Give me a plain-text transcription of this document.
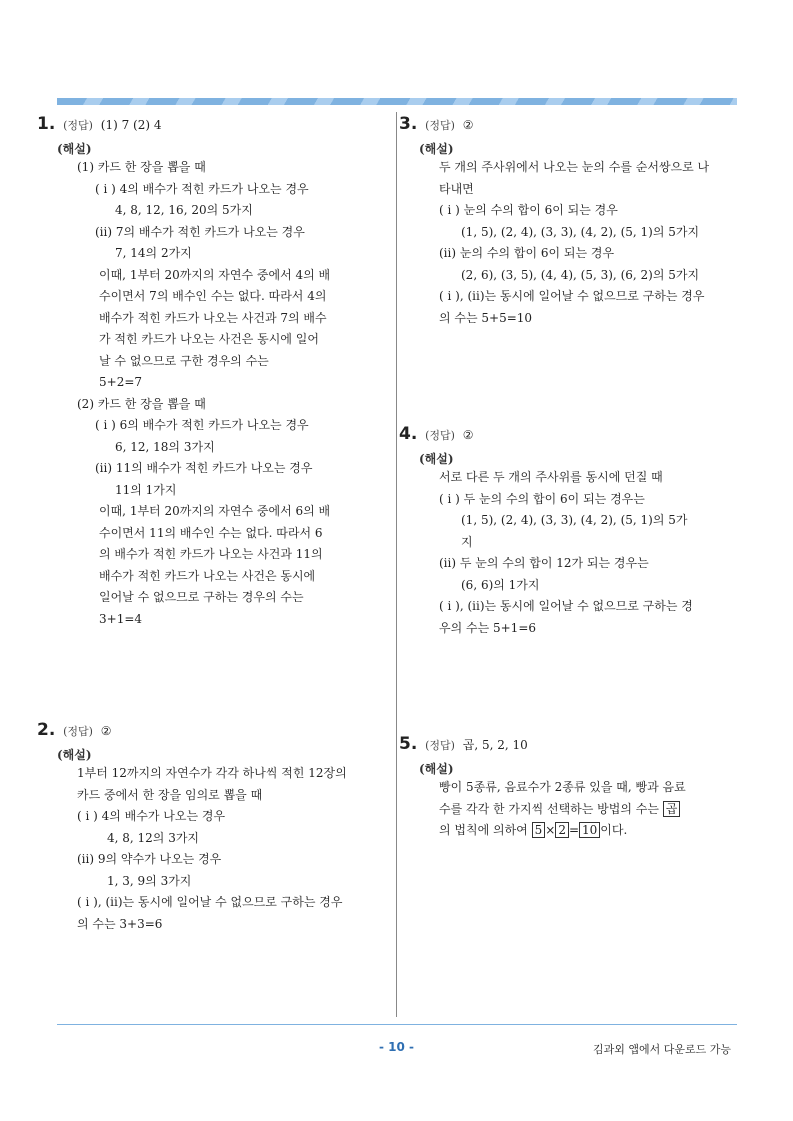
1. (정답) (1) 7 (2) 4
(해설)
(1) 카드 한 장을 뽑을 때
( i ) 4의 배수가 적힌 카드가 나오는 경우
4, 8, 12, 16, 20의 5가지
(ii) 7의 배수가 적힌 카드가 나오는 경우
7, 14의 2가지
이때, 1부터 20까지의 자연수 중에서 4의 배
수이면서 7의 배수인 수는 없다. 따라서 4의
배수가 적힌 카드가 나오는 사건과 7의 배수
가 적힌 카드가 나오는 사건은 동시에 일어
날 수 없으므로 구한 경우의 수는
5+2=7
(2) 카드 한 장을 뽑을 때
( i ) 6의 배수가 적힌 카드가 나오는 경우
6, 12, 18의 3가지
(ii) 11의 배수가 적힌 카드가 나오는 경우
11의 1가지
이때, 1부터 20까지의 자연수 중에서 6의 배
수이면서 11의 배수인 수는 없다. 따라서 6
의 배수가 적힌 카드가 나오는 사건과 11의
배수가 적힌 카드가 나오는 사건은 동시에
일어날 수 없으므로 구하는 경우의 수는
3+1=4
2. (정답) ②
(해설)
1부터 12까지의 자연수가 각각 하나씩 적힌 12장의
카드 중에서 한 장을 임의로 뽑을 때
( i ) 4의 배수가 나오는 경우
4, 8, 12의 3가지
(ii) 9의 약수가 나오는 경우
1, 3, 9의 3가지
( i ), (ii)는 동시에 일어날 수 없으므로 구하는 경우
의 수는 3+3=6
3. (정답) ②
(해설)
두 개의 주사위에서 나오는 눈의 수를 순서쌍으로 나
타내면
( i ) 눈의 수의 합이 6이 되는 경우
(1, 5), (2, 4), (3, 3), (4, 2), (5, 1)의 5가지
(ii) 눈의 수의 합이 6이 되는 경우
(2, 6), (3, 5), (4, 4), (5, 3), (6, 2)의 5가지
( i ), (ii)는 동시에 일어날 수 없으므로 구하는 경우
의 수는 5+5=10
4. (정답) ②
(해설)
서로 다른 두 개의 주사위를 동시에 던질 때
( i ) 두 눈의 수의 합이 6이 되는 경우는
(1, 5), (2, 4), (3, 3), (4, 2), (5, 1)의 5가
지
(ii) 두 눈의 수의 합이 12가 되는 경우는
(6, 6)의 1가지
( i ), (ii)는 동시에 일어날 수 없으므로 구하는 경
우의 수는 5+1=6
5. (정답) 곱, 5, 2, 10
(해설)
빵이 5종류, 음료수가 2종류 있을 때, 빵과 음료
수를 각각 한 가지씩 선택하는 방법의 수는 곱
의 법칙에 의하여 5 × 2 = 10 이다.
- 10 -	김과외 앱에서 다운로드 가능
